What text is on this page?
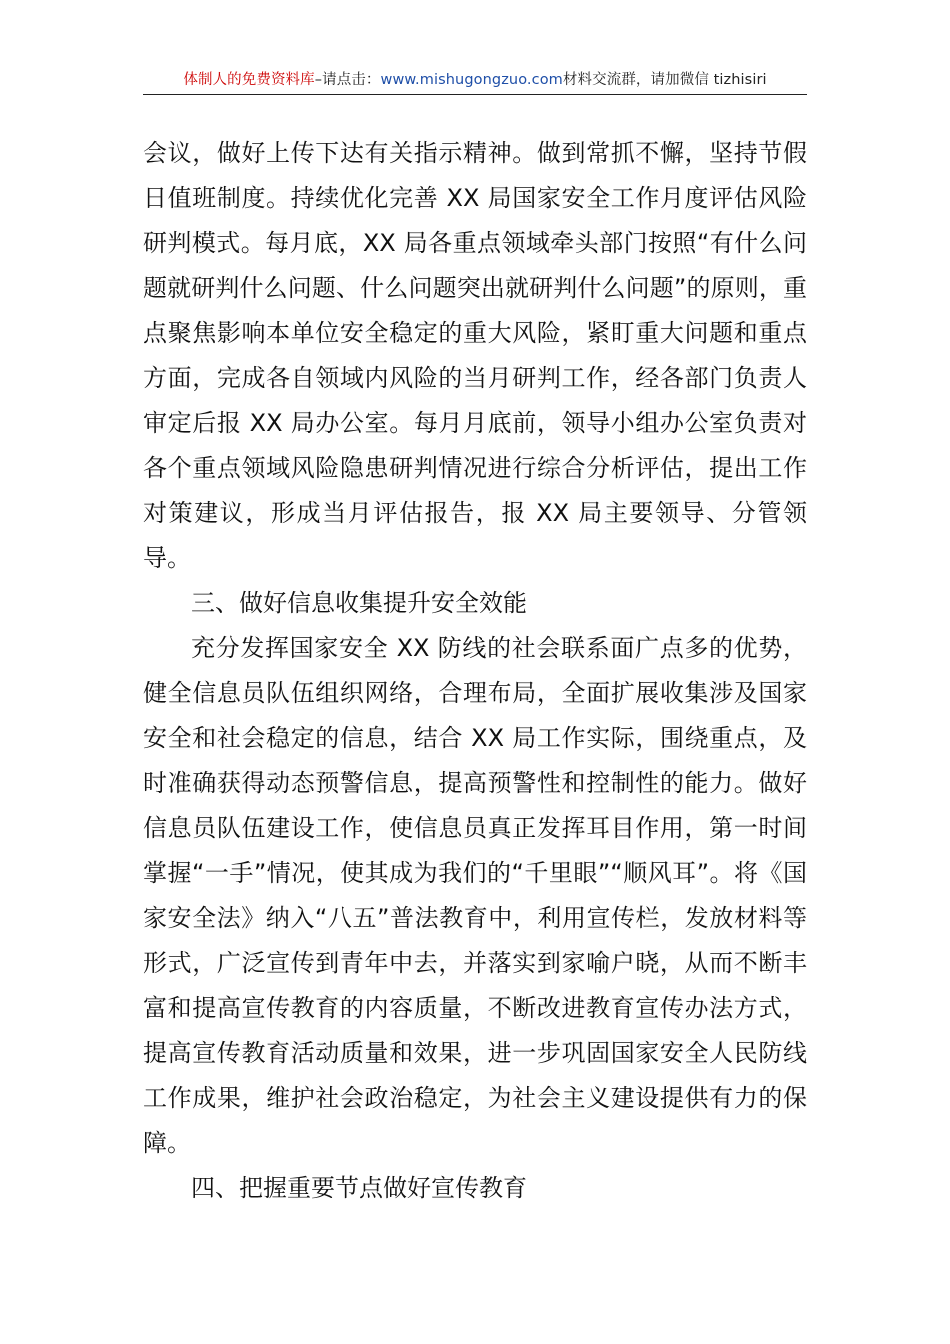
体制人的免费资料库–请点击：www.mishugongzuo.com材料交流群，请加微信 tizhisiri

会议，做好上传下达有关指示精神。做到常抓不懈，坚持节假日值班制度。持续优化完善 XX 局国家安全工作月度评估风险研判模式。每月底，XX 局各重点领域牵头部门按照“有什么问题就研判什么问题、什么问题突出就研判什么问题”的原则，重点聚焦影响本单位安全稳定的重大风险，紧盯重大问题和重点方面，完成各自领域内风险的当月研判工作，经各部门负责人审定后报 XX 局办公室。每月月底前，领导小组办公室负责对各个重点领域风险隐患研判情况进行综合分析评估，提出工作对策建议，形成当月评估报告，报 XX 局主要领导、分管领导。

三、做好信息收集提升安全效能

充分发挥国家安全 XX 防线的社会联系面广点多的优势，健全信息员队伍组织网络，合理布局，全面扩展收集涉及国家安全和社会稳定的信息，结合 XX 局工作实际，围绕重点，及时准确获得动态预警信息，提高预警性和控制性的能力。做好信息员队伍建设工作，使信息员真正发挥耳目作用，第一时间掌握“一手”情况，使其成为我们的“千里眼”“顺风耳”。将《国家安全法》纳入“八五”普法教育中，利用宣传栏，发放材料等形式，广泛宣传到青年中去，并落实到家喻户晓，从而不断丰富和提高宣传教育的内容质量，不断改进教育宣传办法方式，提高宣传教育活动质量和效果，进一步巩固国家安全人民防线工作成果，维护社会政治稳定，为社会主义建设提供有力的保障。

四、把握重要节点做好宣传教育
